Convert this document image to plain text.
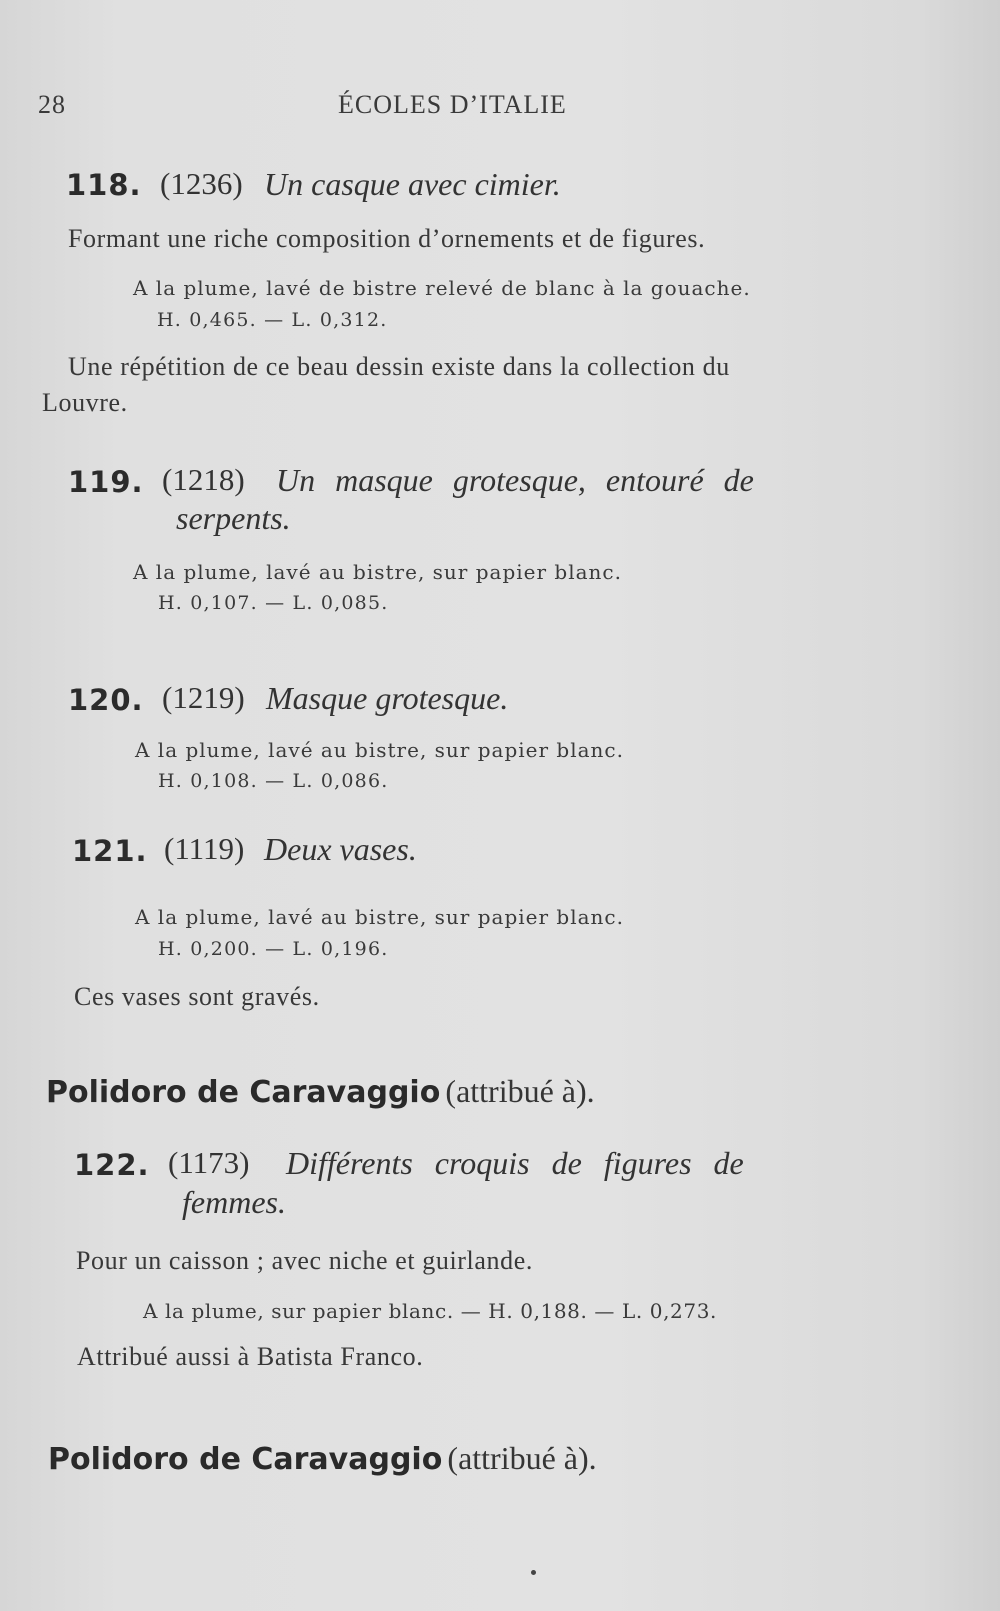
28	ÉCOLES D’ITALIE
118. (1236) Un casque avec cimier.
Formant une riche composition d’ornements et de figures.
A la plume, lavé de bistre relevé de blanc à la gouache.
H. 0,465. — L. 0,312.
Une répétition de ce beau dessin existe dans la collection du
Louvre.
119. (1218) Un masque grotesque, entouré de
serpents.
A la plume, lavé au bistre, sur papier blanc.
H. 0,107. — L. 0,085.
120. (1219) Masque grotesque.
A la plume, lavé au bistre, sur papier blanc.
H. 0,108. — L. 0,086.
121. (1119) Deux vases.
A la plume, lavé au bistre, sur papier blanc.
H. 0,200. — L. 0,196.
Ces vases sont gravés.
Polidoro de Caravaggio (attribué à).
122. (1173) Différents croquis de figures de
femmes.
Pour un caisson ; avec niche et guirlande.
A la plume, sur papier blanc. — H. 0,188. — L. 0,273.
Attribué aussi à Batista Franco.
Polidoro de Caravaggio (attribué à).
